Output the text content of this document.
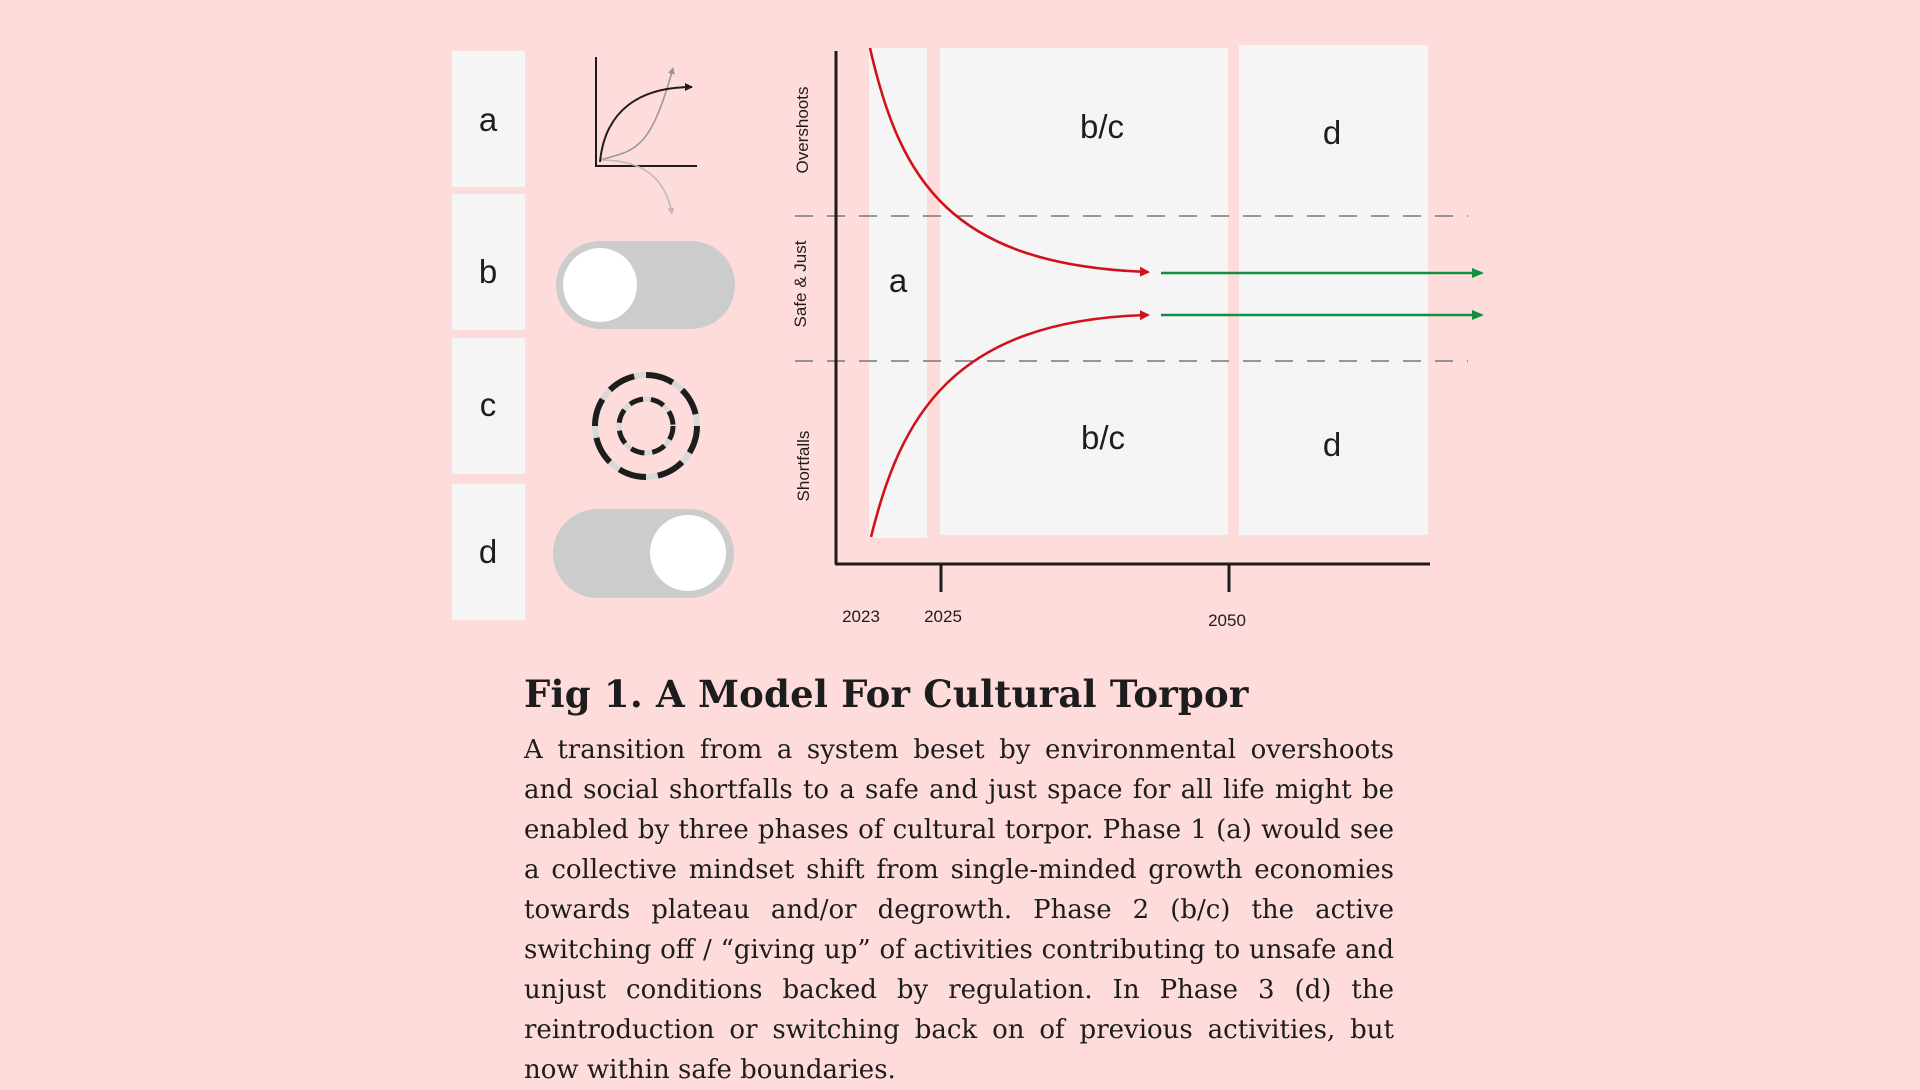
a
b
c
d
a
b/c
b/c
d
d
2023	2025	2050
Overshoots
Safe & Just
Shortfalls
Fig 1. A Model For Cultural Torpor

A transition from a system beset by environmental overshoots and social shortfalls to a safe and just space for all life might be enabled by three phases of cultural torpor. Phase 1 (a) would see a collective mindset shift from single-minded growth economies towards plateau and/or degrowth. Phase 2 (b/c) the active switching off / “giving up” of activities contributing to unsafe and unjust conditions backed by regulation. In Phase 3 (d) the reintroduction or switching back on of previous activities, but now within safe boundaries.
